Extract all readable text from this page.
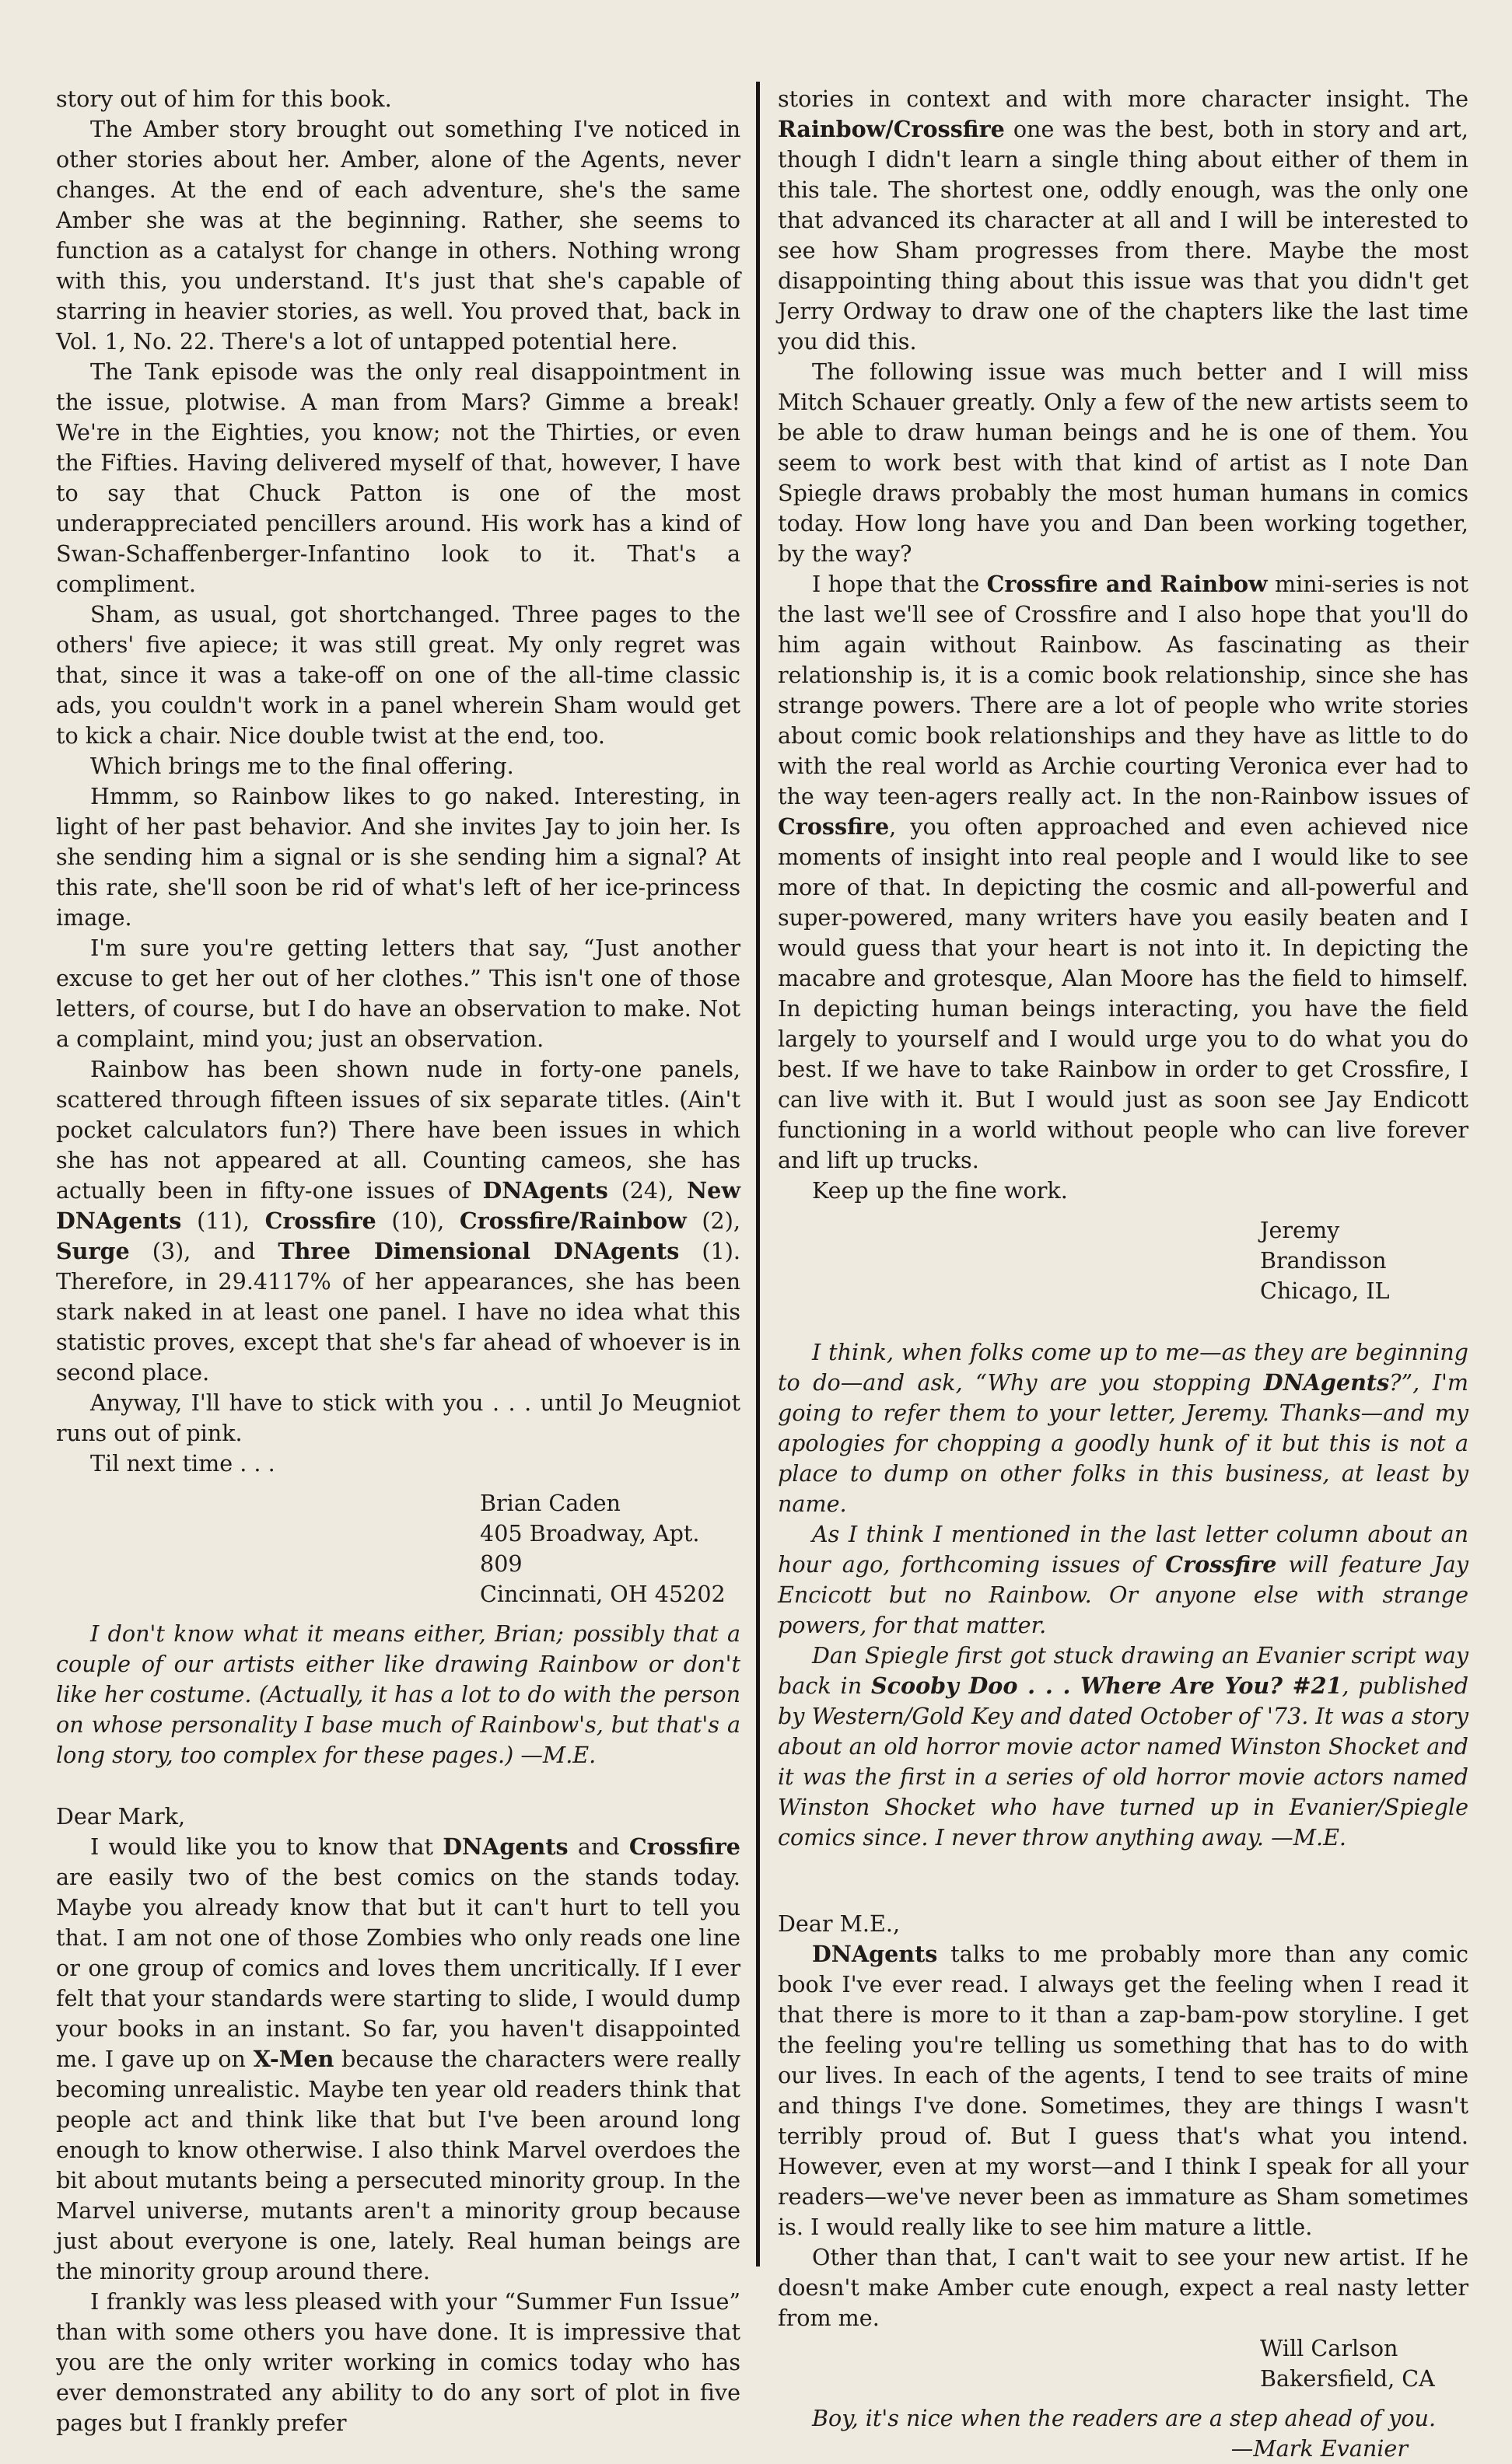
story out of him for this book.

The Amber story brought out something I've noticed in other stories about her. Amber, alone of the Agents, never changes. At the end of each adventure, she's the same Amber she was at the beginning. Rather, she seems to function as a catalyst for change in others. Nothing wrong with this, you understand. It's just that she's capable of starring in heavier stories, as well. You proved that, back in Vol. 1, No. 22. There's a lot of untapped potential here.

The Tank episode was the only real disappointment in the issue, plotwise. A man from Mars? Gimme a break! We're in the Eighties, you know; not the Thirties, or even the Fifties. Having delivered myself of that, however, I have to say that Chuck Patton is one of the most underappreciated pencillers around. His work has a kind of Swan-Schaffenberger-Infantino look to it. That's a compliment.

Sham, as usual, got shortchanged. Three pages to the others' five apiece; it was still great. My only regret was that, since it was a take-off on one of the all-time classic ads, you couldn't work in a panel wherein Sham would get to kick a chair. Nice double twist at the end, too.

Which brings me to the final offering.

Hmmm, so Rainbow likes to go naked. Interesting, in light of her past behavior. And she invites Jay to join her. Is she sending him a signal or is she sending him a signal? At this rate, she'll soon be rid of what's left of her ice-princess image.

I'm sure you're getting letters that say, “Just another excuse to get her out of her clothes.” This isn't one of those letters, of course, but I do have an observation to make. Not a complaint, mind you; just an observation.

Rainbow has been shown nude in forty-one panels, scattered through fifteen issues of six separate titles. (Ain't pocket calculators fun?) There have been issues in which she has not appeared at all. Counting cameos, she has actually been in fifty-one issues of DNAgents (24), New DNAgents (11), Crossfire (10), Crossfire/Rainbow (2), Surge (3), and Three Dimensional DNAgents (1). Therefore, in 29.4117% of her appearances, she has been stark naked in at least one panel. I have no idea what this statistic proves, except that she's far ahead of whoever is in second place.

Anyway, I'll have to stick with you . . . until Jo Meugniot runs out of pink.

Til next time . . .

Brian Caden

405 Broadway, Apt. 809

Cincinnati, OH 45202

I don't know what it means either, Brian; possibly that a couple of our artists either like drawing Rainbow or don't like her costume. (Actually, it has a lot to do with the person on whose personality I base much of Rainbow's, but that's a long story, too complex for these pages.) —M.E.

Dear Mark,

I would like you to know that DNAgents and Crossfire are easily two of the best comics on the stands today. Maybe you already know that but it can't hurt to tell you that. I am not one of those Zombies who only reads one line or one group of comics and loves them uncritically. If I ever felt that your standards were starting to slide, I would dump your books in an instant. So far, you haven't disappointed me. I gave up on X-Men because the characters were really becoming unrealistic. Maybe ten year old readers think that people act and think like that but I've been around long enough to know otherwise. I also think Marvel overdoes the bit about mutants being a persecuted minority group. In the Marvel universe, mutants aren't a minority group because just about everyone is one, lately. Real human beings are the minority group around there.

I frankly was less pleased with your “Summer Fun Issue” than with some others you have done. It is impressive that you are the only writer working in comics today who has ever demonstrated any ability to do any sort of plot in five pages but I frankly prefer

stories in context and with more character insight. The Rainbow/Crossfire one was the best, both in story and art, though I didn't learn a single thing about either of them in this tale. The shortest one, oddly enough, was the only one that advanced its character at all and I will be interested to see how Sham progresses from there. Maybe the most disappointing thing about this issue was that you didn't get Jerry Ordway to draw one of the chapters like the last time you did this.

The following issue was much better and I will miss Mitch Schauer greatly. Only a few of the new artists seem to be able to draw human beings and he is one of them. You seem to work best with that kind of artist as I note Dan Spiegle draws probably the most human humans in comics today. How long have you and Dan been working together, by the way?

I hope that the Crossfire and Rainbow mini-series is not the last we'll see of Crossfire and I also hope that you'll do him again without Rainbow. As fascinating as their relationship is, it is a comic book relationship, since she has strange powers. There are a lot of people who write stories about comic book relationships and they have as little to do with the real world as Archie courting Veronica ever had to the way teen-agers really act. In the non-Rainbow issues of Crossfire, you often approached and even achieved nice moments of insight into real people and I would like to see more of that. In depicting the cosmic and all-powerful and super-powered, many writers have you easily beaten and I would guess that your heart is not into it. In depicting the macabre and grotesque, Alan Moore has the field to himself. In depicting human beings interacting, you have the field largely to yourself and I would urge you to do what you do best. If we have to take Rainbow in order to get Crossfire, I can live with it. But I would just as soon see Jay Endicott functioning in a world without people who can live forever and lift up trucks.

Keep up the fine work.

Jeremy Brandisson

Chicago, IL

I think, when folks come up to me—as they are beginning to do—and ask, “Why are you stopping DNAgents?”, I'm going to refer them to your letter, Jeremy. Thanks—and my apologies for chopping a goodly hunk of it but this is not a place to dump on other folks in this business, at least by name.

As I think I mentioned in the last letter column about an hour ago, forthcoming issues of Crossfire will feature Jay Encicott but no Rainbow. Or anyone else with strange powers, for that matter.

Dan Spiegle first got stuck drawing an Evanier script way back in Scooby Doo . . . Where Are You? #21, published by Western/Gold Key and dated October of '73. It was a story about an old horror movie actor named Winston Shocket and it was the first in a series of old horror movie actors named Winston Shocket who have turned up in Evanier/Spiegle comics since. I never throw anything away. —M.E.

Dear M.E.,

DNAgents talks to me probably more than any comic book I've ever read. I always get the feeling when I read it that there is more to it than a zap-bam-pow storyline. I get the feeling you're telling us something that has to do with our lives. In each of the agents, I tend to see traits of mine and things I've done. Sometimes, they are things I wasn't terribly proud of. But I guess that's what you intend. However, even at my worst—and I think I speak for all your readers—we've never been as immature as Sham sometimes is. I would really like to see him mature a little.

Other than that, I can't wait to see your new artist. If he doesn't make Amber cute enough, expect a real nasty letter from me.

Will Carlson

Bakersfield, CA

Boy, it's nice when the readers are a step ahead of you.

—Mark Evanier
